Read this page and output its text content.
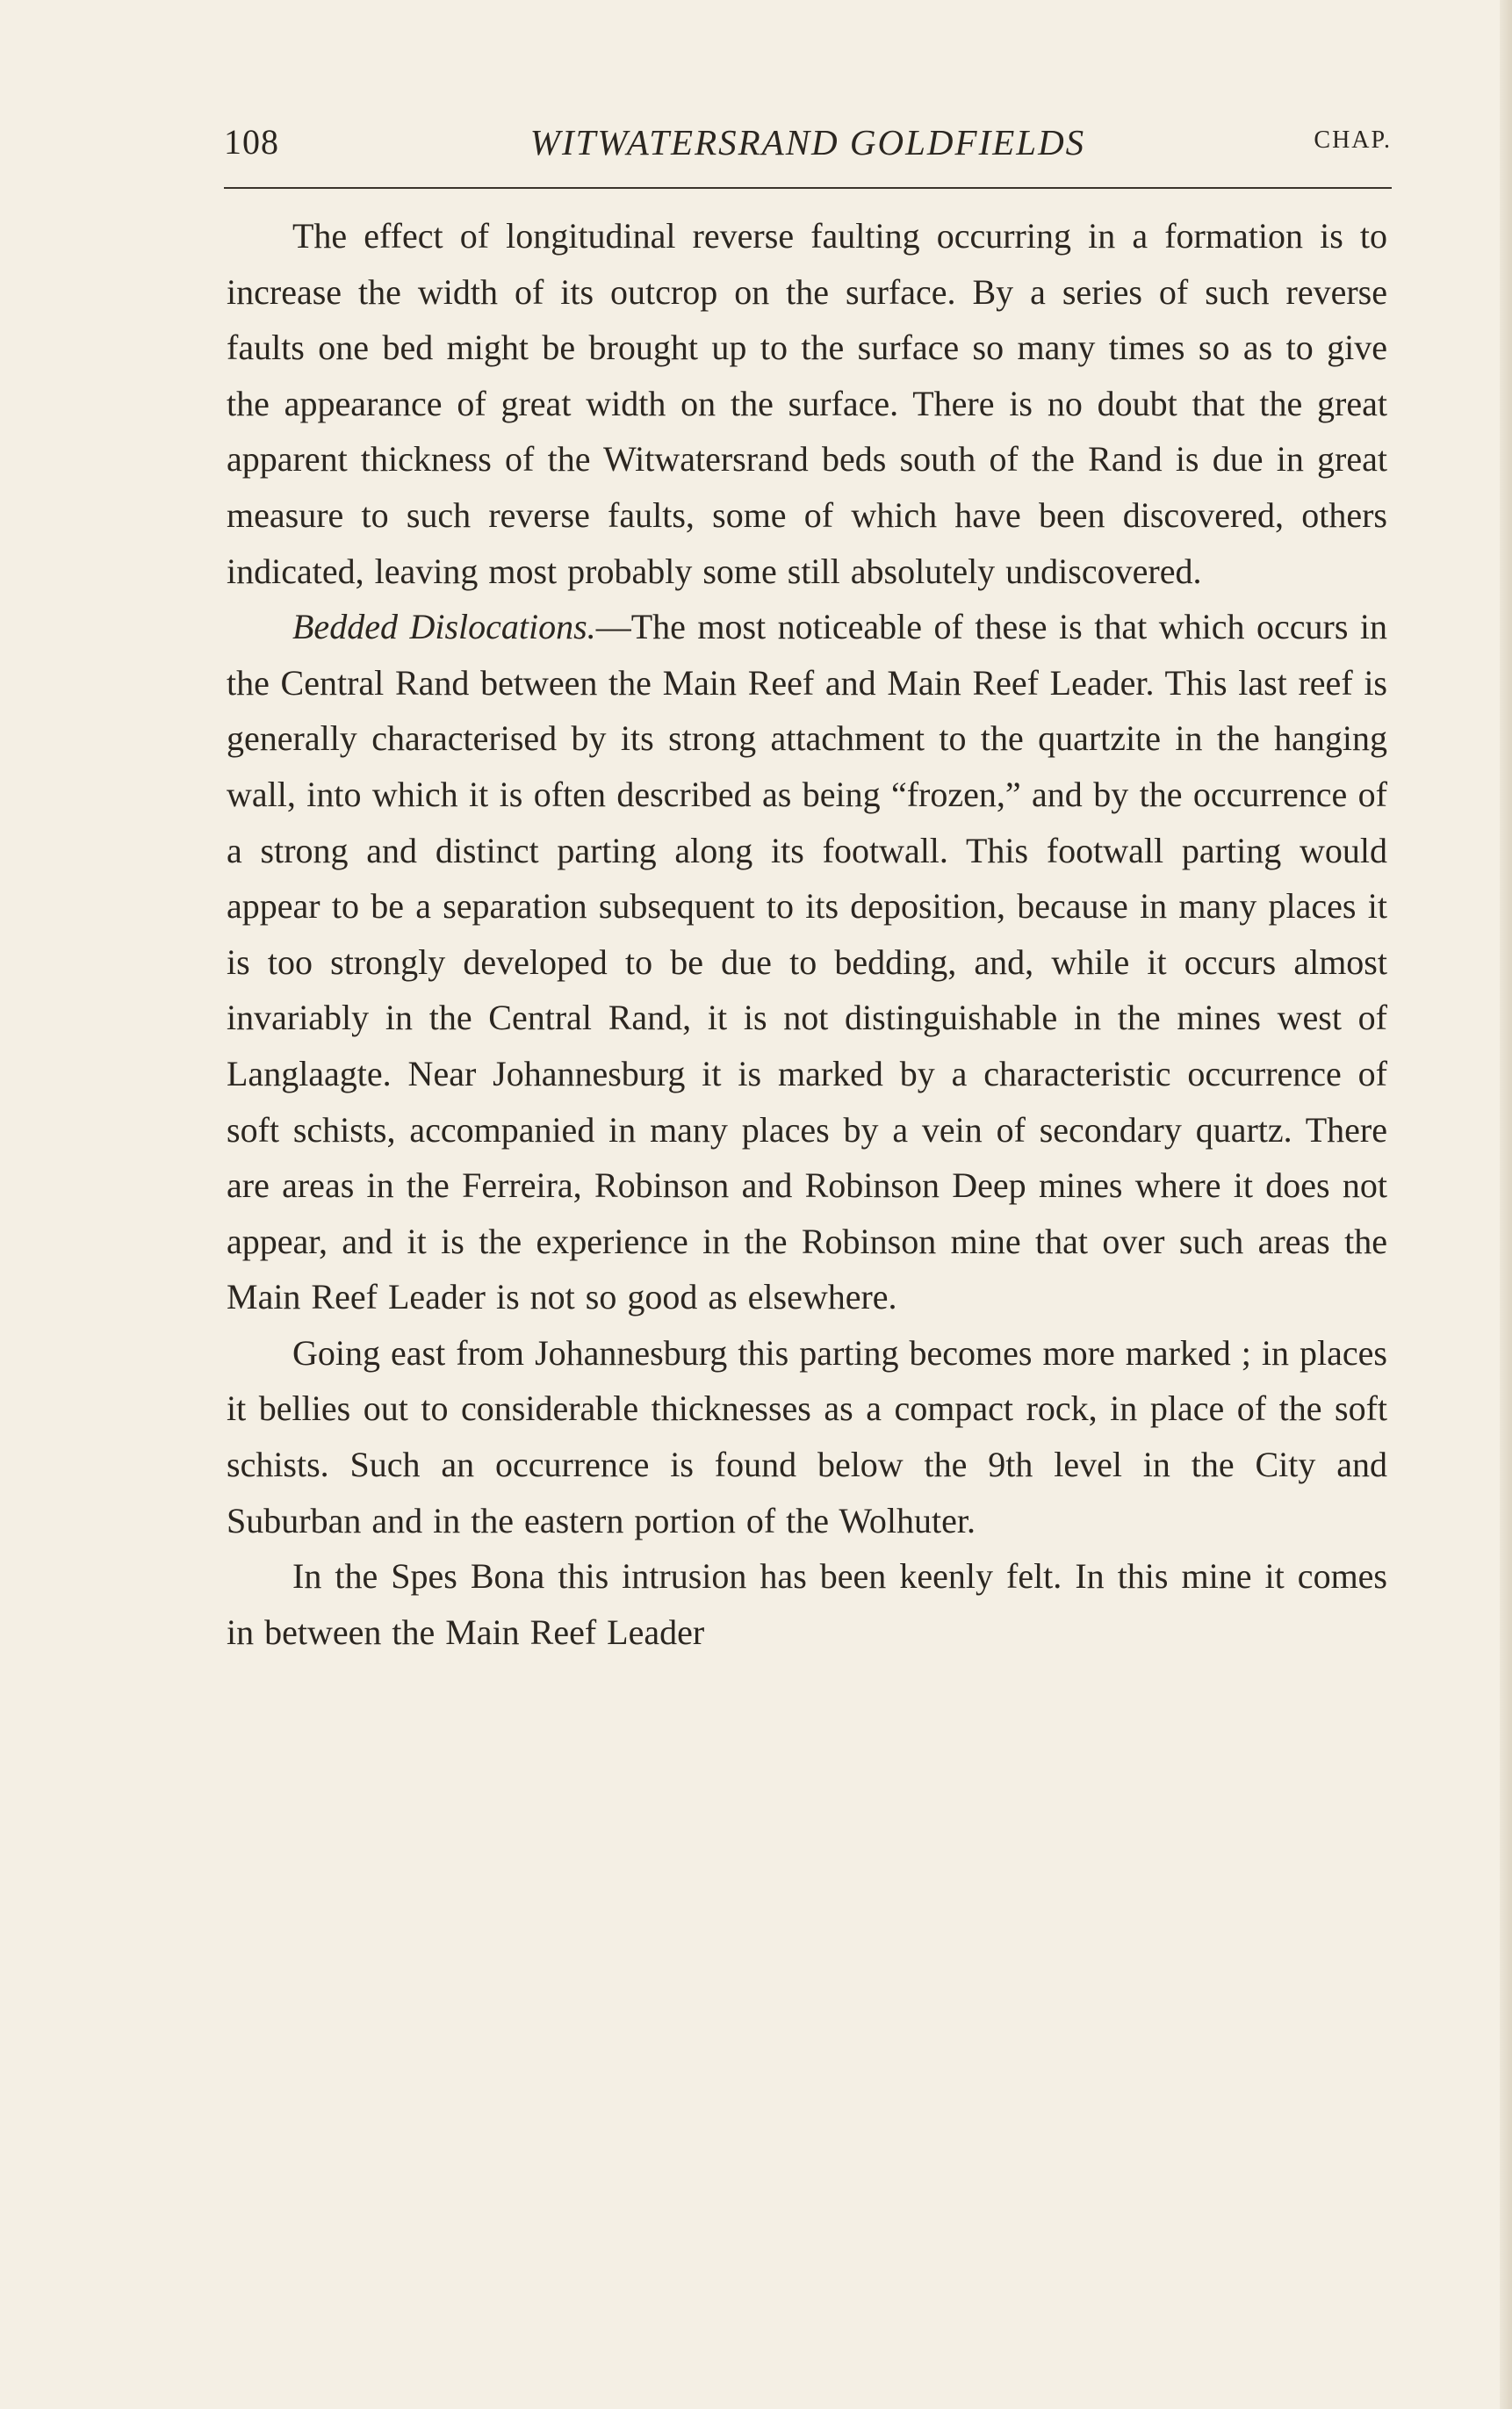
108	WITWATERSRAND GOLDFIELDS	CHAP.

The effect of longitudinal reverse faulting occurring in a formation is to increase the width of its outcrop on the surface. By a series of such reverse faults one bed might be brought up to the surface so many times so as to give the appearance of great width on the surface. There is no doubt that the great apparent thickness of the Witwatersrand beds south of the Rand is due in great measure to such reverse faults, some of which have been discovered, others indicated, leaving most probably some still absolutely undiscovered.

Bedded Dislocations.—The most noticeable of these is that which occurs in the Central Rand between the Main Reef and Main Reef Leader. This last reef is generally characterised by its strong attachment to the quartzite in the hanging wall, into which it is often described as being “frozen,” and by the occurrence of a strong and distinct parting along its footwall. This footwall parting would appear to be a separation subsequent to its deposition, because in many places it is too strongly developed to be due to bedding, and, while it occurs almost invariably in the Central Rand, it is not distinguishable in the mines west of Langlaagte. Near Johannesburg it is marked by a characteristic occurrence of soft schists, accompanied in many places by a vein of secondary quartz. There are areas in the Ferreira, Robinson and Robinson Deep mines where it does not appear, and it is the experience in the Robinson mine that over such areas the Main Reef Leader is not so good as elsewhere.

Going east from Johannesburg this parting becomes more marked ; in places it bellies out to considerable thicknesses as a compact rock, in place of the soft schists. Such an occurrence is found below the 9th level in the City and Suburban and in the eastern portion of the Wolhuter.

In the Spes Bona this intrusion has been keenly felt. In this mine it comes in between the Main Reef Leader
